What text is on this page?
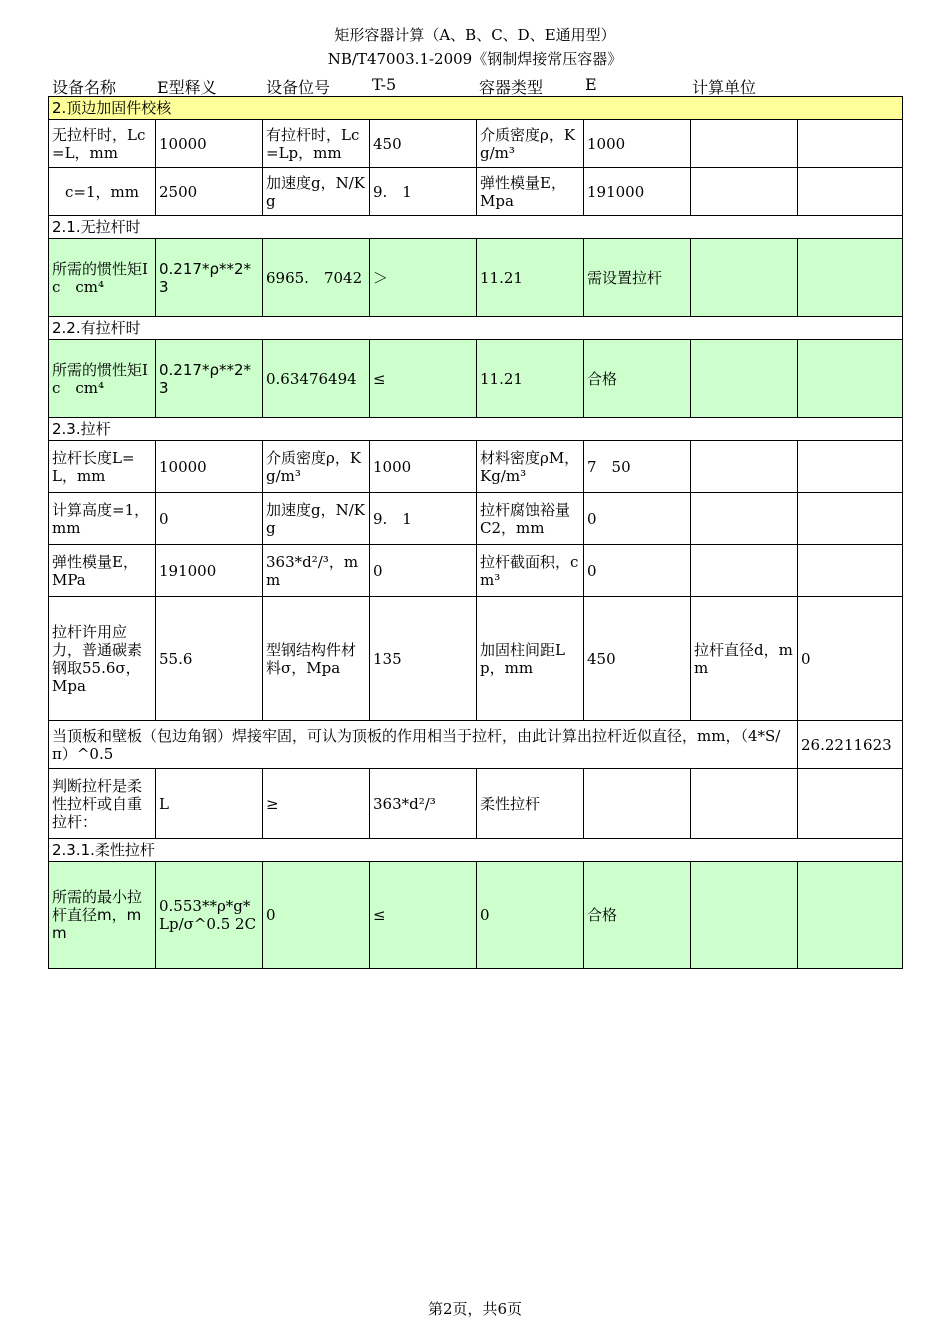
矩形容器计算（A、B、C、D、E通用型）
NB/T47003.1-2009《钢制焊接常压容器》
设备名称	E型释义	设备位号	T-5	容器类型	E	计算单位
2.顶边加固件校核							
无拉杆时，Lc=L，mm	10000	有拉杆时，Lc=Lp，mm	450	介质密度ρ，Kg/m³	1000		
c=1，mm	2500	加速度g，N/Kg	9.　1	弹性模量E，Mpa	191000		
2.1.无拉杆时							
所需的惯性矩Ic　cm⁴	0.217*ρ**2*3	6965.　7042	＞	11.21	需设置拉杆		
2.2.有拉杆时							
所需的惯性矩Ic　cm⁴	0.217*ρ**2*3	0.63476494	≤	11.21	合格		
2.3.拉杆							
拉杆长度L=L，mm	10000	介质密度ρ，Kg/m³	1000	材料密度ρM，Kg/m³	7　50		
计算高度=1，mm	0	加速度g，N/Kg	9.　1	拉杆腐蚀裕量C2，mm	0		
弹性模量E，MPa	191000	363*d²/³，mm	0	拉杆截面积，cm³	0		
拉杆许用应力，普通碳素钢取55.6σ，Mpa	55.6	型钢结构件材料σ，Mpa	135	加固柱间距Lp，mm	450	拉杆直径d，mm	0
当顶板和壁板（包边角钢）焊接牢固，可认为顶板的作用相当于拉杆，由此计算出拉杆近似直径，mm，（4*S/π）^0.5							26.2211623
判断拉杆是柔性拉杆或自重拉杆：	L	≥	363*d²/³	柔性拉杆			
2.3.1.柔性拉杆							
所需的最小拉杆直径m，mm	0.553**ρ*g*Lp/σ^0.5 2C	0	≤	0	合格		
第2页，共6页
